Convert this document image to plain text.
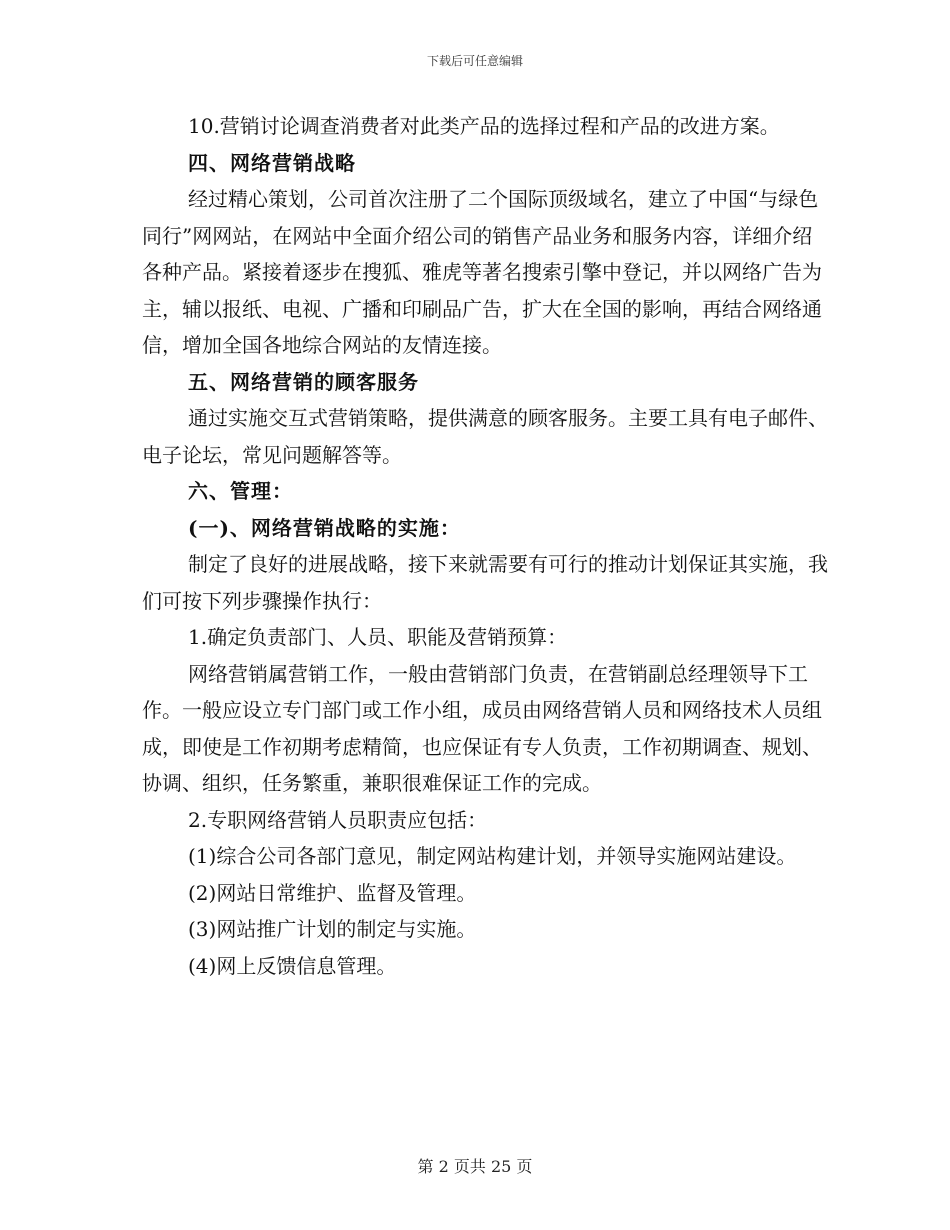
下载后可任意编辑

10.营销讨论调查消费者对此类产品的选择过程和产品的改进方案。

四、网络营销战略

经过精心策划，公司首次注册了二个国际顶级域名，建立了中国“与绿色同行”网网站，在网站中全面介绍公司的销售产品业务和服务内容，详细介绍各种产品。紧接着逐步在搜狐、雅虎等著名搜索引擎中登记，并以网络广告为主，辅以报纸、电视、广播和印刷品广告，扩大在全国的影响，再结合网络通信，增加全国各地综合网站的友情连接。

五、网络营销的顾客服务

通过实施交互式营销策略，提供满意的顾客服务。主要工具有电子邮件、电子论坛，常见问题解答等。

六、管理：

(一)、网络营销战略的实施：

制定了良好的进展战略，接下来就需要有可行的推动计划保证其实施，我们可按下列步骤操作执行：

1.确定负责部门、人员、职能及营销预算：

网络营销属营销工作，一般由营销部门负责，在营销副总经理领导下工作。一般应设立专门部门或工作小组，成员由网络营销人员和网络技术人员组成，即使是工作初期考虑精简，也应保证有专人负责，工作初期调查、规划、协调、组织，任务繁重，兼职很难保证工作的完成。

2.专职网络营销人员职责应包括：

(1)综合公司各部门意见，制定网站构建计划，并领导实施网站建设。

(2)网站日常维护、监督及管理。

(3)网站推广计划的制定与实施。

(4)网上反馈信息管理。

第 2 页共 25 页
